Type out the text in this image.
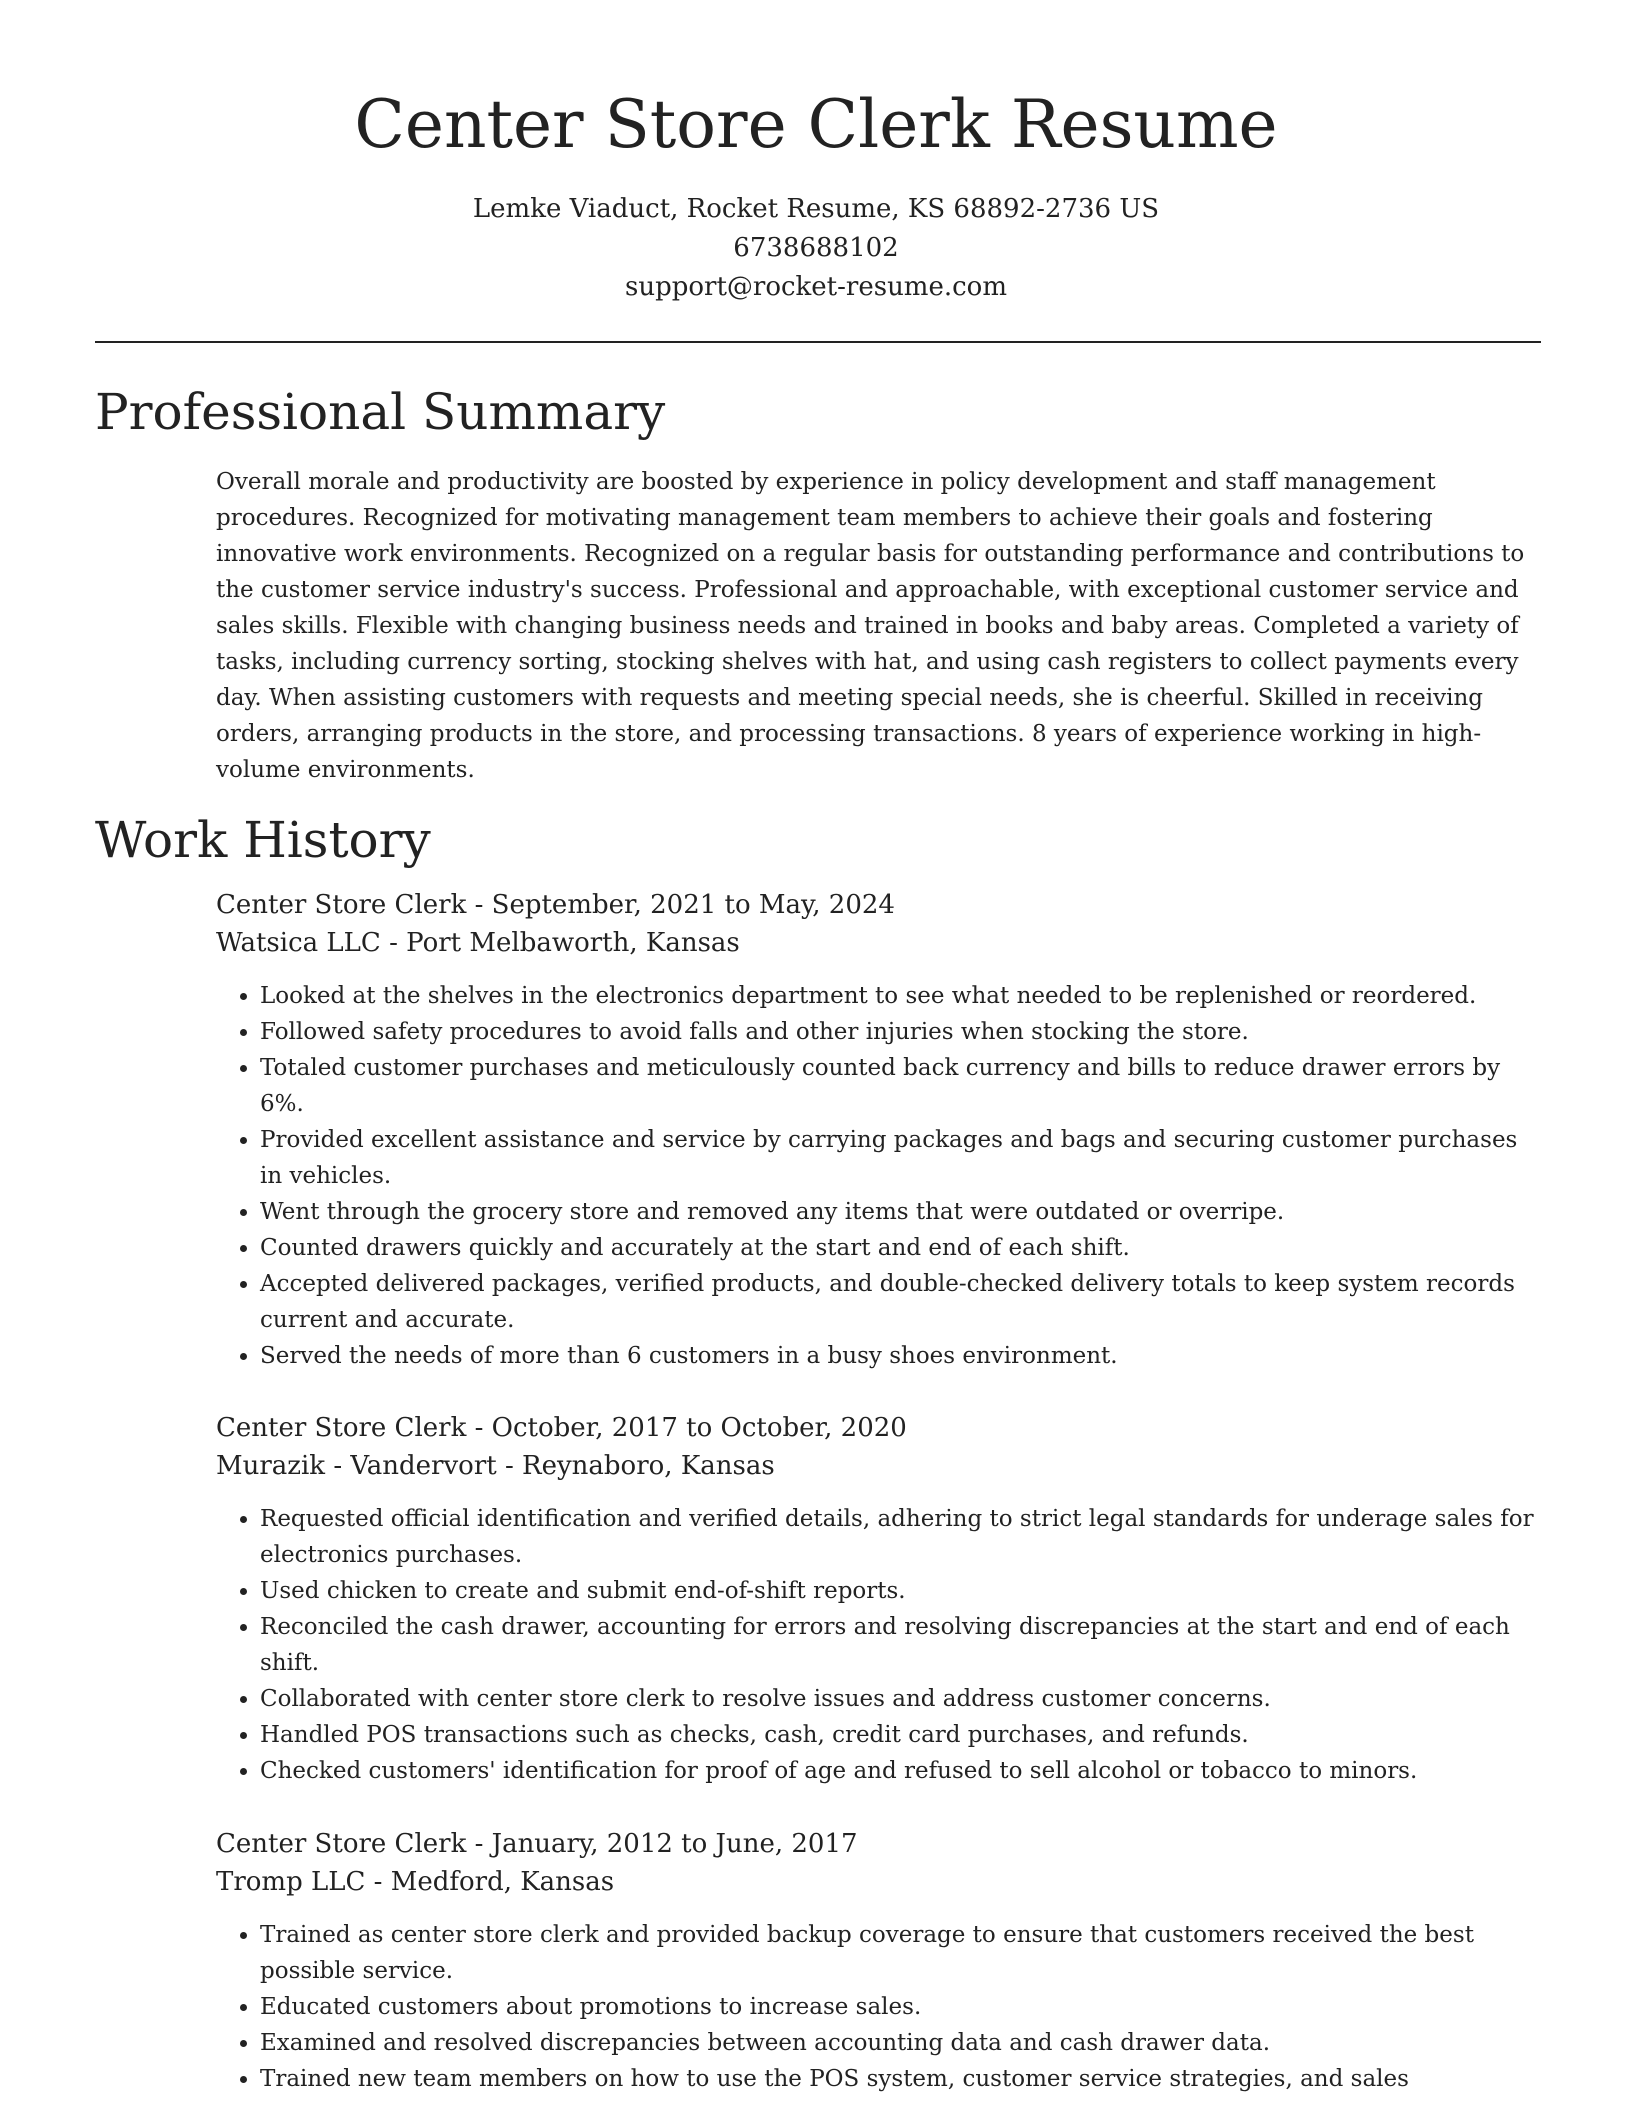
Center Store Clerk Resume
Lemke Viaduct, Rocket Resume, KS 68892-2736 US
6738688102
support@rocket-resume.com
Professional Summary

Overall morale and productivity are boosted by experience in policy development and staff management procedures. Recognized for motivating management team members to achieve their goals and fostering innovative work environments. Recognized on a regular basis for outstanding performance and contributions to the customer service industry's success. Professional and approachable, with exceptional customer service and sales skills. Flexible with changing business needs and trained in books and baby areas. Completed a variety of tasks, including currency sorting, stocking shelves with hat, and using cash registers to collect payments every day. When assisting customers with requests and meeting special needs, she is cheerful. Skilled in receiving orders, arranging products in the store, and processing transactions. 8 years of experience working in high-volume environments.

Work History
Center Store Clerk - September, 2021 to May, 2024
Watsica LLC - Port Melbaworth, Kansas
• Looked at the shelves in the electronics department to see what needed to be replenished or reordered.
• Followed safety procedures to avoid falls and other injuries when stocking the store.
• Totaled customer purchases and meticulously counted back currency and bills to reduce drawer errors by 6%.
• Provided excellent assistance and service by carrying packages and bags and securing customer purchases in vehicles.
• Went through the grocery store and removed any items that were outdated or overripe.
• Counted drawers quickly and accurately at the start and end of each shift.
• Accepted delivered packages, verified products, and double-checked delivery totals to keep system records current and accurate.
• Served the needs of more than 6 customers in a busy shoes environment.
Center Store Clerk - October, 2017 to October, 2020
Murazik - Vandervort - Reynaboro, Kansas
• Requested official identification and verified details, adhering to strict legal standards for underage sales for electronics purchases.
• Used chicken to create and submit end-of-shift reports.
• Reconciled the cash drawer, accounting for errors and resolving discrepancies at the start and end of each shift.
• Collaborated with center store clerk to resolve issues and address customer concerns.
• Handled POS transactions such as checks, cash, credit card purchases, and refunds.
• Checked customers' identification for proof of age and refused to sell alcohol or tobacco to minors.
Center Store Clerk - January, 2012 to June, 2017
Tromp LLC - Medford, Kansas
• Trained as center store clerk and provided backup coverage to ensure that customers received the best possible service.
• Educated customers about promotions to increase sales.
• Examined and resolved discrepancies between accounting data and cash drawer data.
• Trained new team members on how to use the POS system, customer service strategies, and sales
